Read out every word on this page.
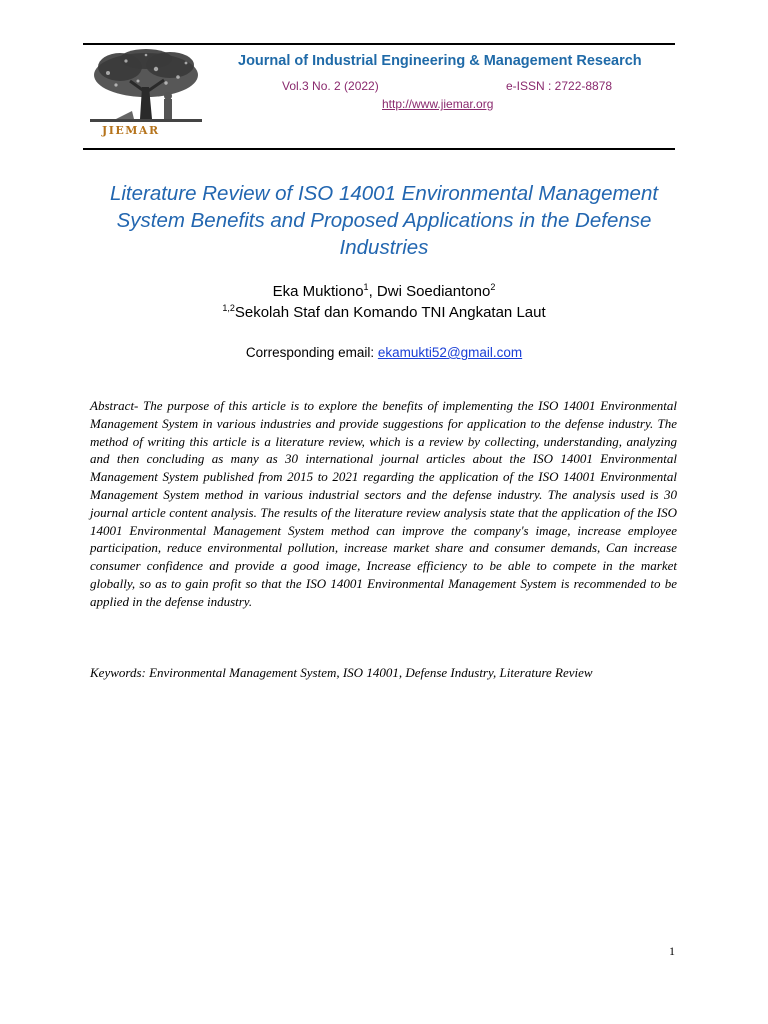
JIEMAR
Journal of Industrial Engineering & Management Research
Vol.3 No. 2 (2022)	e-ISSN : 2722-8878
http://www.jiemar.org
Literature Review of ISO 14001 Environmental Management System Benefits and Proposed Applications in the Defense Industries
Eka Muktiono$^1$, Dwi Soediantono$^2$
$^{1,2}$Sekolah Staf dan Komando TNI Angkatan Laut
Corresponding email: ekamukti52@gmail.com

Abstract- The purpose of this article is to explore the benefits of implementing the ISO 14001 Environmental Management System in various industries and provide suggestions for application to the defense industry. The method of writing this article is a literature review, which is a review by collecting, understanding, analyzing and then concluding as many as 30 international journal articles about the ISO 14001 Environmental Management System published from 2015 to 2021 regarding the application of the ISO 14001 Environmental Management System method in various industrial sectors and the defense industry. The analysis used is 30 journal article content analysis. The results of the literature review analysis state that the application of the ISO 14001 Environmental Management System method can improve the company's image, increase employee participation, reduce environmental pollution, increase market share and consumer demands, Can increase consumer confidence and provide a good image, Increase efficiency to be able to compete in the market globally, so as to gain profit so that the ISO 14001 Environmental Management System is recommended to be applied in the defense industry.

Keywords: Environmental Management System, ISO 14001, Defense Industry, Literature Review
1
